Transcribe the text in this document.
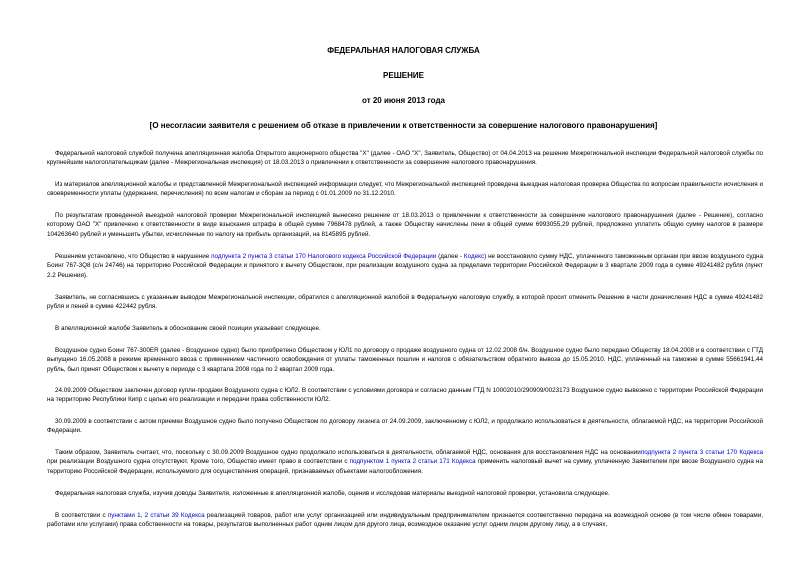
ФЕДЕРАЛЬНАЯ НАЛОГОВАЯ СЛУЖБА
РЕШЕНИЕ
от 20 июня 2013 года
[О несогласии заявителя с решением об отказе в привлечении к ответственности за совершение налогового правонарушения]
Федеральной налоговой службой получена апелляционная жалоба Открытого акционерного общества "X" (далее - ОАО "X", Заявитель, Общество) от 04.04.2013 на решение Межрегиональной инспекции Федеральной налоговой службы по крупнейшим налогоплательщикам (далее - Межрегиональная инспекция) от 18.03.2013 о привлечении к ответственности за совершение налогового правонарушения.
Из материалов апелляционной жалобы и представленной Межрегиональной инспекцией информации следует, что Межрегиональной инспекцией проведена выездная налоговая проверка Общества по вопросам правильности исчисления и своевременности уплаты (удержания, перечисления) по всем налогам и сборам за период с 01.01.2009 по 31.12.2010.
По результатам проведенной выездной налоговой проверки Межрегиональной инспекцией вынесено решение от 18.03.2013 о привлечении к ответственности за совершение налогового правонарушения (далее - Решение), согласно которому ОАО "X" привлечено к ответственности в виде взыскания штрафа в общей сумме 7968478 рублей, а также Обществу начислены пени в общей сумме 6993055,29 рублей, предложено уплатить общую сумму налогов в размере 104263640 рублей и уменьшить убытки, исчисленные по налогу на прибыль организаций, на 8145895 рублей.
Решением установлено, что Общество в нарушение подпункта 2 пункта 3 статьи 170 Налогового кодекса Российской Федерации (далее - Кодекс) не восстановило сумму НДС, уплаченного таможенным органам при ввозе воздушного судна Боинг 767-3Q8 (с/н 24746) на территорию Российской Федерации и принятого к вычету Обществом, при реализации воздушного судна за пределами территории Российской Федерации в 3 квартале 2009 года в сумме 49241482 рубля (пункт 2.2 Решения).
Заявитель, не согласившись с указанным выводом Межрегиональной инспекции, обратился с апелляционной жалобой в Федеральную налоговую службу, в которой просит отменить Решение в части доначисления НДС в сумме 49241482 рубля и пеней в сумме 422442 рубля.
В апелляционной жалобе Заявитель в обоснование своей позиции указывает следующее.
Воздушное судно Боинг 767-300ER (далее - Воздушное судно) было приобретено Обществом у ЮЛ1 по договору о продаже воздушного судна от 12.02.2008 б/н. Воздушное судно было передано Обществу 18.04.2008 и в соответствии с ГТД выпущено 16.05.2008 в режиме временного ввоза с применением частичного освобождения от уплаты таможенных пошлин и налогов с обязательством обратного вывоза до 15.05.2010. НДС, уплаченный на таможне в сумме 55661941,44 рубль, был принят Обществом к вычету в периоде с 3 квартала 2008 года по 2 квартал 2009 года.
24.09.2009 Обществом заключен договор купли-продажи Воздушного судна с ЮЛ2. В соответствии с условиями договора и согласно данным ГТД N 10002010/290909/0023173 Воздушное судно вывезено с территории Российской Федерации на территорию Республики Кипр с целью его реализации и передачи права собственности ЮЛ2.
30.09.2009 в соответствии с актом приемки Воздушное судно было получено Обществом по договору лизинга от 24.09.2009, заключенному с ЮЛ2, и продолжало использоваться в деятельности, облагаемой НДС, на территории Российской Федерации.
Таким образом, Заявитель считает, что, поскольку с 30.09.2009 Воздушное судно продолжало использоваться в деятельности, облагаемой НДС, основания для восстановления НДС на основанииподпункта 2 пункта 3 статьи 170 Кодекса при реализации Воздушного судна отсутствуют. Кроме того, Общество имеет право в соответствии с подпунктом 1 пункта 2 статьи 171 Кодекса применить налоговый вычет на сумму, уплаченную Заявителем при ввозе Воздушного судна на территорию Российской Федерации, используемого для осуществления операций, признаваемых объектами налогообложения.
Федеральная налоговая служба, изучив доводы Заявителя, изложенные в апелляционной жалобе, оценив и исследовав материалы выездной налоговой проверки, установила следующее.
В соответствии с пунктами 1, 2 статьи 39 Кодекса реализацией товаров, работ или услуг организацией или индивидуальным предпринимателем признается соответственно передача на возмездной основе (в том числе обмен товарами, работами или услугами) права собственности на товары, результатов выполненных работ одним лицом для другого лица, возмездное оказание услуг одним лицом другому лицу, а в случаях,
